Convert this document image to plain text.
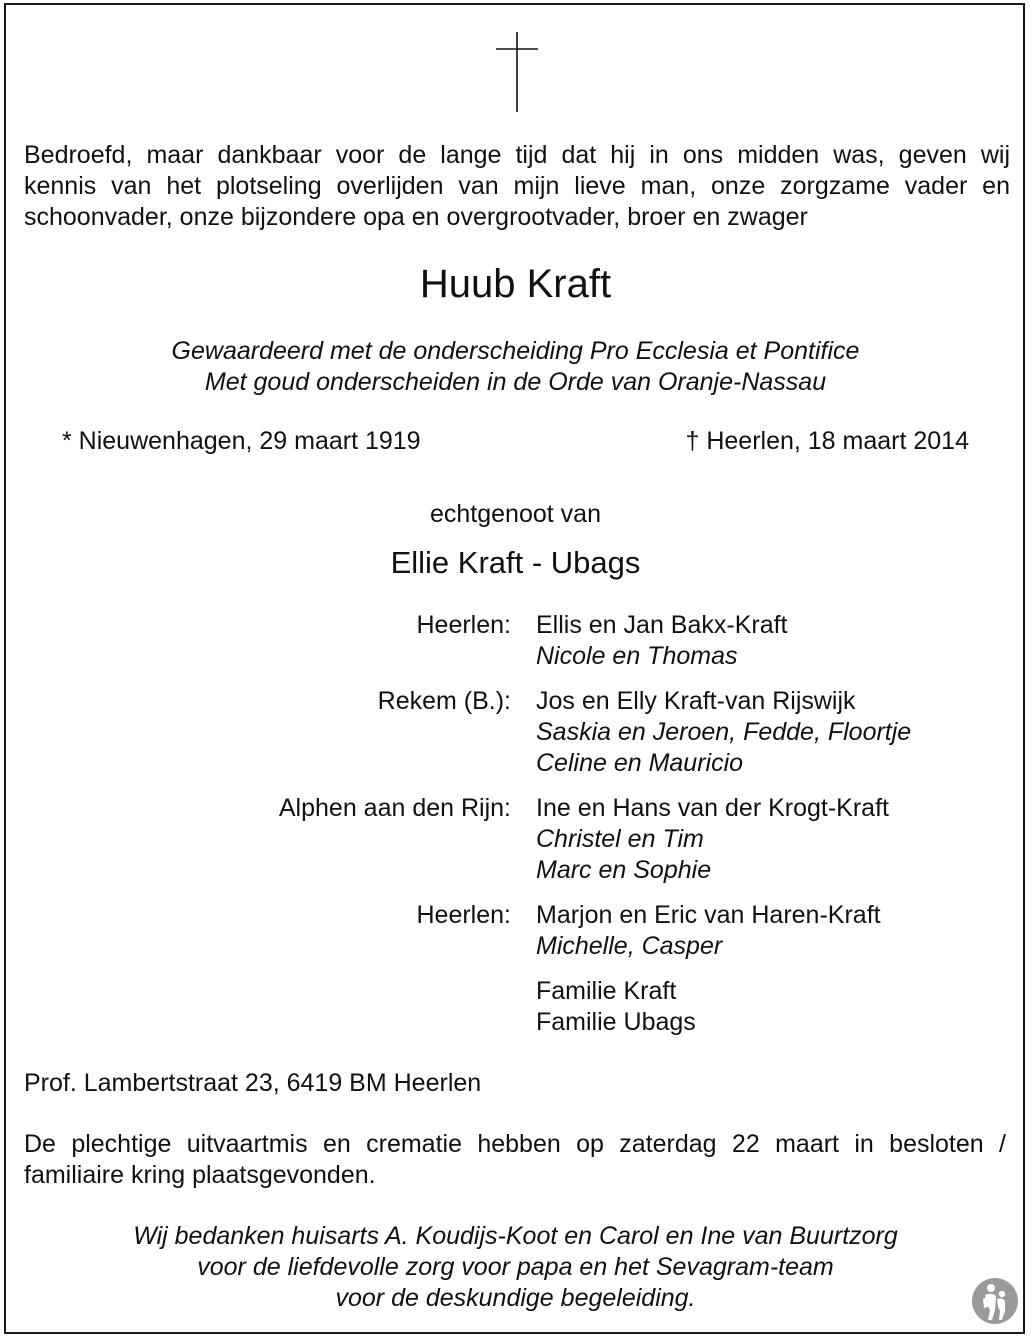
Bedroefd, maar dankbaar voor de lange tijd dat hij in ons midden was, geven wij
kennis van het plotseling overlijden van mijn lieve man, onze zorgzame vader en
schoonvader, onze bijzondere opa en overgrootvader, broer en zwager
Huub Kraft
Gewaardeerd met de onderscheiding Pro Ecclesia et Pontifice
Met goud onderscheiden in de Orde van Oranje-Nassau
* Nieuwenhagen, 29 maart 1919	† Heerlen, 18 maart 2014
echtgenoot van
Ellie Kraft - Ubags
Heerlen: Ellis en Jan Bakx-Kraft
Nicole en Thomas
Rekem (B.): Jos en Elly Kraft-van Rijswijk
Saskia en Jeroen, Fedde, Floortje
Celine en Mauricio
Alphen aan den Rijn: Ine en Hans van der Krogt-Kraft
Christel en Tim
Marc en Sophie
Heerlen: Marjon en Eric van Haren-Kraft
Michelle, Casper
Familie Kraft
Familie Ubags
Prof. Lambertstraat 23, 6419 BM Heerlen
De plechtige uitvaartmis en crematie hebben op zaterdag 22 maart in besloten /
familiaire kring plaatsgevonden.
Wij bedanken huisarts A. Koudijs-Koot en Carol en Ine van Buurtzorg
voor de liefdevolle zorg voor papa en het Sevagram-team
voor de deskundige begeleiding.
